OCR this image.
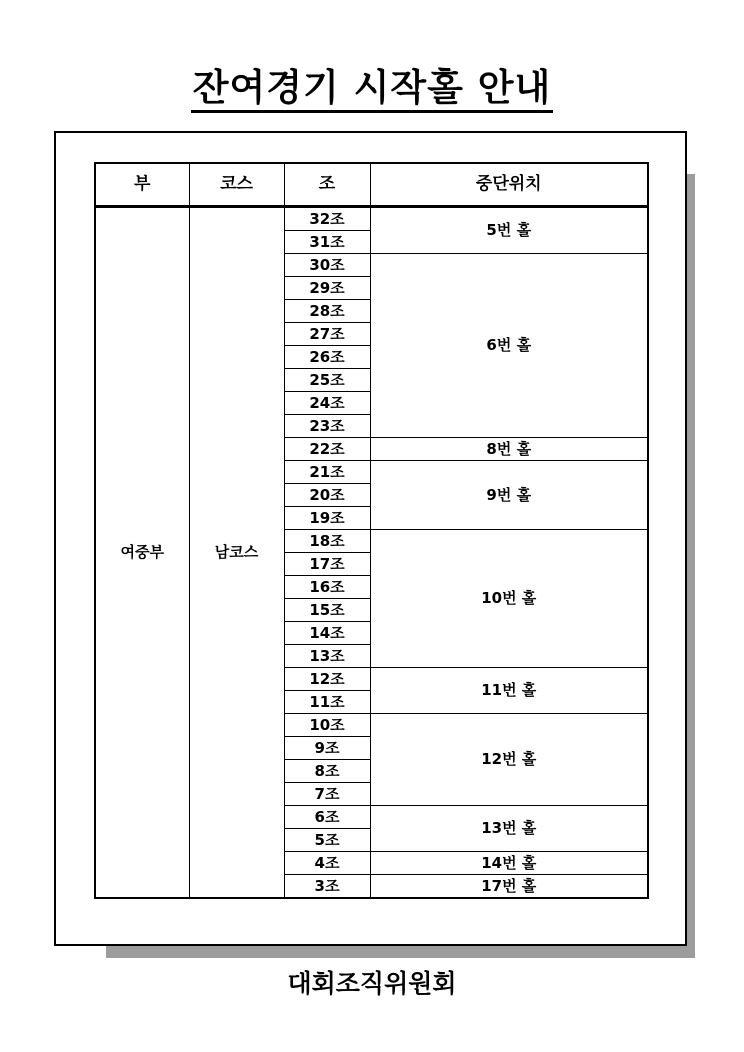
잔여경기 시작홀 안내
부	코스	조	중단위치
여중부	남코스	32조	5번 홀
		31조	
		30조	6번 홀
		29조	
		28조	
		27조	
		26조	
		25조	
		24조	
		23조	
		22조	8번 홀
		21조	9번 홀
		20조	
		19조	
		18조	10번 홀
		17조	
		16조	
		15조	
		14조	
		13조	
		12조	11번 홀
		11조	
		10조	12번 홀
		9조	
		8조	
		7조	
		6조	13번 홀
		5조	
		4조	14번 홀
		3조	17번 홀
대회조직위원회
